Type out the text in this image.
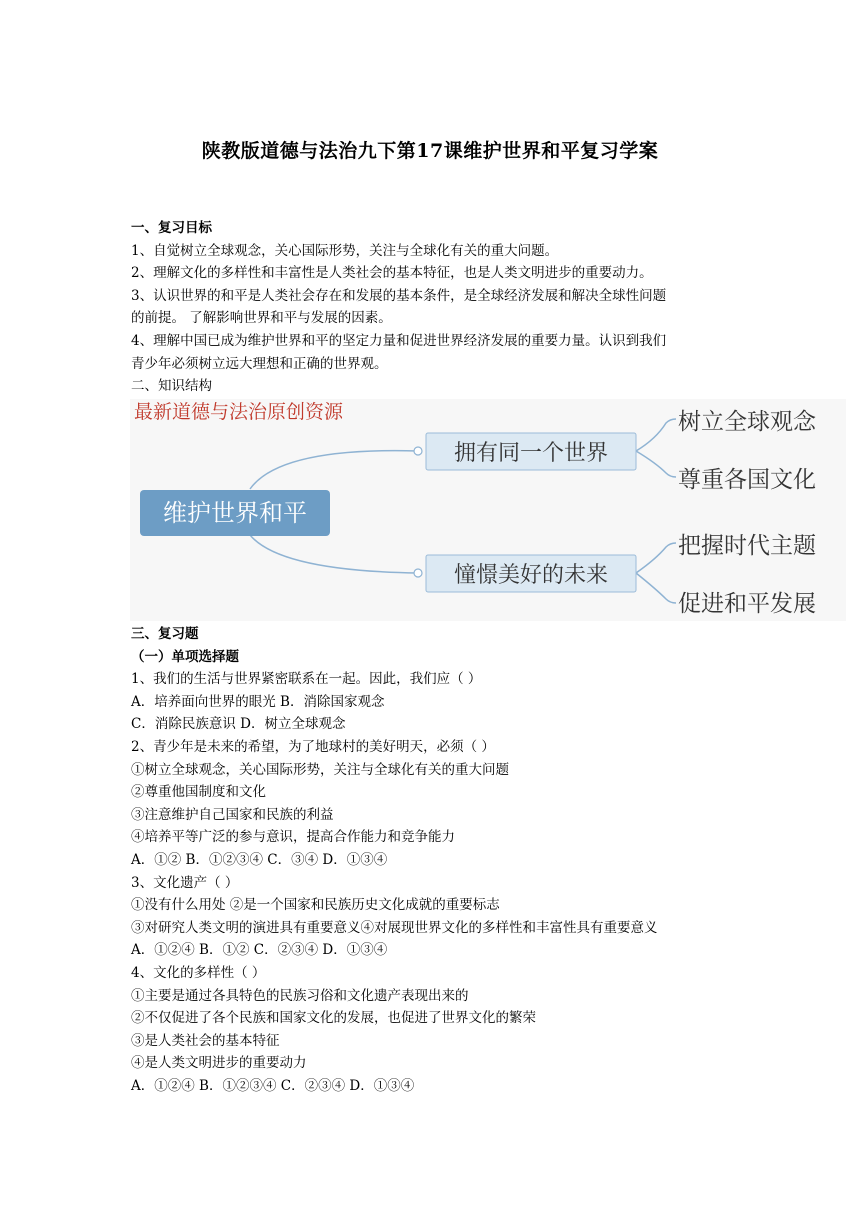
陕教版道德与法治九下第17课维护世界和平复习学案
一、复习目标
1、自觉树立全球观念，关心国际形势，关注与全球化有关的重大问题。
2、理解文化的多样性和丰富性是人类社会的基本特征，也是人类文明进步的重要动力。
3、认识世界的和平是人类社会存在和发展的基本条件，是全球经济发展和解决全球性问题
的前提。 了解影响世界和平与发展的因素。
4、理解中国已成为维护世界和平的坚定力量和促进世界经济发展的重要力量。认识到我们
青少年必须树立远大理想和正确的世界观。
二、知识结构
最新道德与法治原创资源
维护世界和平
拥有同一个世界
憧憬美好的未来
树立全球观念
尊重各国文化
把握时代主题
促进和平发展
三、复习题
（一）单项选择题
1、我们的生活与世界紧密联系在一起。因此，我们应（ ）
A．培养面向世界的眼光 B．消除国家观念
C．消除民族意识 D．树立全球观念
2、青少年是未来的希望，为了地球村的美好明天，必须（ ）
①树立全球观念，关心国际形势，关注与全球化有关的重大问题
②尊重他国制度和文化
③注意维护自己国家和民族的利益
④培养平等广泛的参与意识，提高合作能力和竞争能力
A．①② B．①②③④ C．③④ D．①③④
3、文化遗产（ ）
①没有什么用处 ②是一个国家和民族历史文化成就的重要标志
③对研究人类文明的演进具有重要意义④对展现世界文化的多样性和丰富性具有重要意义
A．①②④ B．①② C．②③④ D．①③④
4、文化的多样性（ ）
①主要是通过各具特色的民族习俗和文化遗产表现出来的
②不仅促进了各个民族和国家文化的发展，也促进了世界文化的繁荣
③是人类社会的基本特征
④是人类文明进步的重要动力
A．①②④ B．①②③④ C．②③④ D．①③④
